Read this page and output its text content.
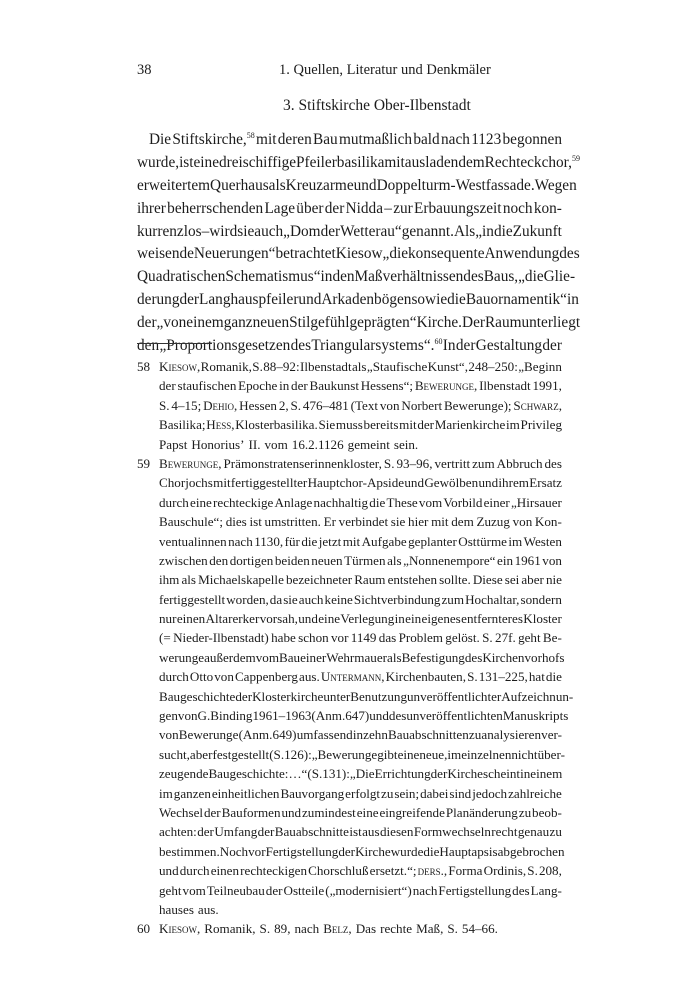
38	1. Quellen, Literatur und Denkmäler
3. Stiftskirche Ober-Ilbenstadt
Die Stiftskirche,$^{58}$ mit deren Bau mutmaßlich bald nach 1123 begonnen
wurde, ist eine dreischiffige Pfeilerbasilika mit ausladendem Rechteckchor,$^{59}$
erweitertem Querhaus als Kreuzarme und Doppelturm-Westfassade. Wegen
ihrer beherrschenden Lage über der Nidda – zur Erbauungszeit noch kon-
kurrenzlos – wird sie auch „Dom der Wetterau“ genannt. Als „in die Zukunft
weisende Neuerungen“ betrachtet Kiesow „die konsequente Anwendung des
Quadratischen Schematismus“ in den Maßverhältnissen des Baus, „die Glie-
derung der Langhauspfeiler und Arkadenbögen sowie die Bauornamentik“ in
der „von einem ganz neuen Stilgefühl geprägten“ Kirche. Der Raum unterliegt
den „Proportionsgesetzen des Triangularsystems“.$^{60}$ In der Gestaltung der
58 Kiesow, Romanik, S. 88–92: Ilbenstadt als „Staufische Kunst“, 248–250: „Beginn
der staufischen Epoche in der Baukunst Hessens“; Bewerunge, Ilbenstadt 1991,
S. 4–15; Dehio, Hessen 2, S. 476–481 (Text von Norbert Bewerunge); Schwarz,
Basilika; Hess, Klosterbasilika. Sie muss bereits mit der Marienkirche im Privileg
Papst Honorius’ II. vom 16.2.1126 gemeint sein.
59 Bewerunge, Prämonstratenserinnenkloster, S. 93–96, vertritt zum Abbruch des
Chorjochs mit fertiggestellter Hauptchor-Apside und Gewölben und ihrem Ersatz
durch eine rechteckige Anlage nachhaltig die These vom Vorbild einer „Hirsauer
Bauschule“; dies ist umstritten. Er verbindet sie hier mit dem Zuzug von Kon-
ventualinnen nach 1130, für die jetzt mit Aufgabe geplanter Osttürme im Westen
zwischen den dortigen beiden neuen Türmen als „Nonnenempore“ ein 1961 von
ihm als Michaelskapelle bezeichneter Raum entstehen sollte. Diese sei aber nie
fertiggestellt worden, da sie auch keine Sichtverbindung zum Hochaltar, sondern
nur einen Altarerker vorsah, und eine Verlegung in ein eigenes entfernteres Kloster
(= Nieder-Ilbenstadt) habe schon vor 1149 das Problem gelöst. S. 27f. geht Be-
werunge außerdem vom Bau einer Wehrmauer als Befestigung des Kirchenvorhofs
durch Otto von Cappenberg aus. Untermann, Kirchenbauten, S. 131–225, hat die
Baugeschichte der Klosterkirche unter Benutzung unveröffentlichter Aufzeichnun-
gen von G. Binding 1961–1963 (Anm. 647) und des unveröffentlichten Manuskripts
von Bewerunge (Anm. 649) umfassend in zehn Bauabschnitten zu analysieren ver-
sucht, aber festgestellt (S. 126): „Bewerunge gibt eine neue, im einzelnen nicht über-
zeugende Baugeschichte: …“ (S. 131): „Die Errichtung der Kirche scheint in einem
im ganzen einheitlichen Bauvorgang erfolgt zu sein; dabei sind jedoch zahlreiche
Wechsel der Bauformen und zumindest eine eingreifende Planänderung zu beob-
achten: der Umfang der Bauabschnitte ist aus diesen Formwechseln recht genau zu
bestimmen. Noch vor Fertigstellung der Kirche wurde die Hauptapsis abgebrochen
und durch einen rechteckigen Chorschluß ersetzt.“; ders., Forma Ordinis, S. 208,
geht vom Teilneubau der Ostteile („modernisiert“) nach Fertigstellung des Lang-
hauses aus.
60 Kiesow, Romanik, S. 89, nach Belz, Das rechte Maß, S. 54–66.
